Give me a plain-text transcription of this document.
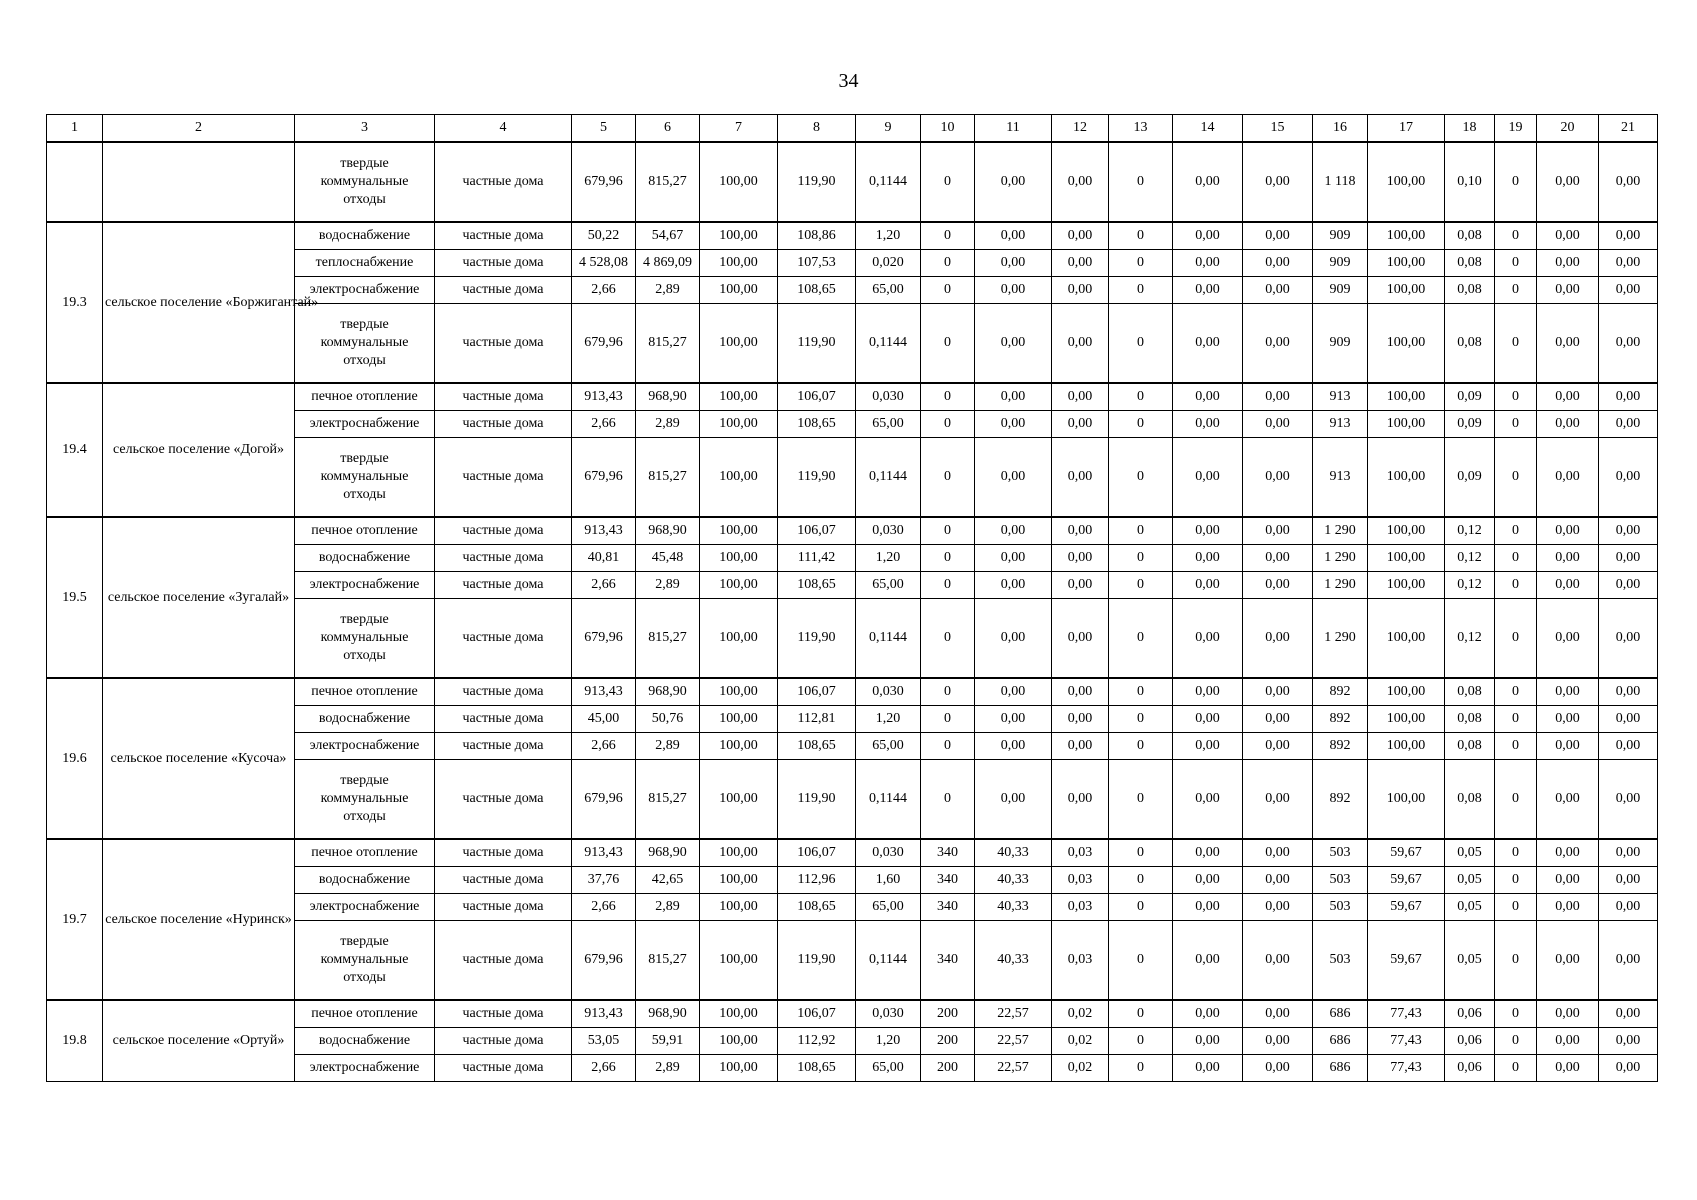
34
1	2	3	4	5	6	7	8	9	10	11	12	13	14	15	16	17	18	19	20	21
		твердые коммунальные отходы	частные дома	679,96	815,27	100,00	119,90	0,1144	0	0,00	0,00	0	0,00	0,00	1 118	100,00	0,10	0	0,00	0,00
19.3	сельское поселение «Боржигантай»	водоснабжение	частные дома	50,22	54,67	100,00	108,86	1,20	0	0,00	0,00	0	0,00	0,00	909	100,00	0,08	0	0,00	0,00
		теплоснабжение	частные дома	4 528,08	4 869,09	100,00	107,53	0,020	0	0,00	0,00	0	0,00	0,00	909	100,00	0,08	0	0,00	0,00
		электроснабжение	частные дома	2,66	2,89	100,00	108,65	65,00	0	0,00	0,00	0	0,00	0,00	909	100,00	0,08	0	0,00	0,00
		твердые коммунальные отходы	частные дома	679,96	815,27	100,00	119,90	0,1144	0	0,00	0,00	0	0,00	0,00	909	100,00	0,08	0	0,00	0,00
19.4	сельское поселение «Догой»	печное отопление	частные дома	913,43	968,90	100,00	106,07	0,030	0	0,00	0,00	0	0,00	0,00	913	100,00	0,09	0	0,00	0,00
		электроснабжение	частные дома	2,66	2,89	100,00	108,65	65,00	0	0,00	0,00	0	0,00	0,00	913	100,00	0,09	0	0,00	0,00
		твердые коммунальные отходы	частные дома	679,96	815,27	100,00	119,90	0,1144	0	0,00	0,00	0	0,00	0,00	913	100,00	0,09	0	0,00	0,00
19.5	сельское поселение «Зугалай»	печное отопление	частные дома	913,43	968,90	100,00	106,07	0,030	0	0,00	0,00	0	0,00	0,00	1 290	100,00	0,12	0	0,00	0,00
		водоснабжение	частные дома	40,81	45,48	100,00	111,42	1,20	0	0,00	0,00	0	0,00	0,00	1 290	100,00	0,12	0	0,00	0,00
		электроснабжение	частные дома	2,66	2,89	100,00	108,65	65,00	0	0,00	0,00	0	0,00	0,00	1 290	100,00	0,12	0	0,00	0,00
		твердые коммунальные отходы	частные дома	679,96	815,27	100,00	119,90	0,1144	0	0,00	0,00	0	0,00	0,00	1 290	100,00	0,12	0	0,00	0,00
19.6	сельское поселение «Кусоча»	печное отопление	частные дома	913,43	968,90	100,00	106,07	0,030	0	0,00	0,00	0	0,00	0,00	892	100,00	0,08	0	0,00	0,00
		водоснабжение	частные дома	45,00	50,76	100,00	112,81	1,20	0	0,00	0,00	0	0,00	0,00	892	100,00	0,08	0	0,00	0,00
		электроснабжение	частные дома	2,66	2,89	100,00	108,65	65,00	0	0,00	0,00	0	0,00	0,00	892	100,00	0,08	0	0,00	0,00
		твердые коммунальные отходы	частные дома	679,96	815,27	100,00	119,90	0,1144	0	0,00	0,00	0	0,00	0,00	892	100,00	0,08	0	0,00	0,00
19.7	сельское поселение «Нуринск»	печное отопление	частные дома	913,43	968,90	100,00	106,07	0,030	340	40,33	0,03	0	0,00	0,00	503	59,67	0,05	0	0,00	0,00
		водоснабжение	частные дома	37,76	42,65	100,00	112,96	1,60	340	40,33	0,03	0	0,00	0,00	503	59,67	0,05	0	0,00	0,00
		электроснабжение	частные дома	2,66	2,89	100,00	108,65	65,00	340	40,33	0,03	0	0,00	0,00	503	59,67	0,05	0	0,00	0,00
		твердые коммунальные отходы	частные дома	679,96	815,27	100,00	119,90	0,1144	340	40,33	0,03	0	0,00	0,00	503	59,67	0,05	0	0,00	0,00
19.8	сельское поселение «Ортуй»	печное отопление	частные дома	913,43	968,90	100,00	106,07	0,030	200	22,57	0,02	0	0,00	0,00	686	77,43	0,06	0	0,00	0,00
		водоснабжение	частные дома	53,05	59,91	100,00	112,92	1,20	200	22,57	0,02	0	0,00	0,00	686	77,43	0,06	0	0,00	0,00
		электроснабжение	частные дома	2,66	2,89	100,00	108,65	65,00	200	22,57	0,02	0	0,00	0,00	686	77,43	0,06	0	0,00	0,00
